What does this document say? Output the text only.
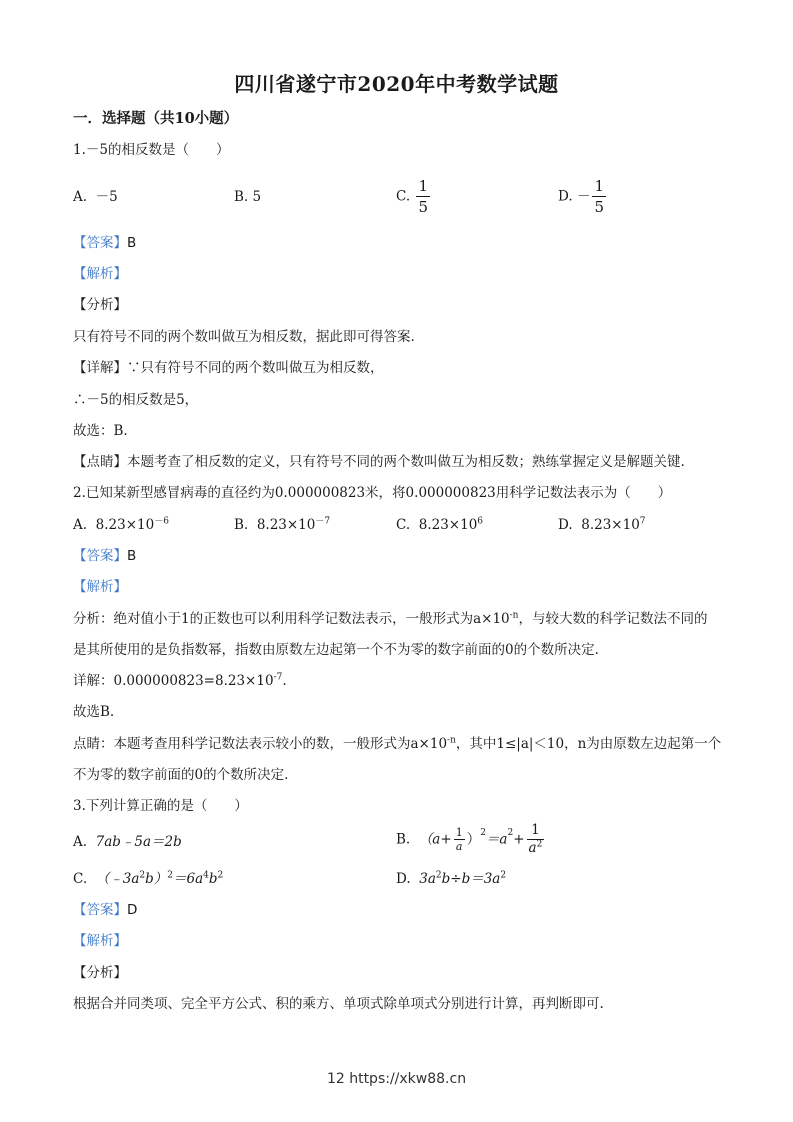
四川省遂宁市2020年中考数学试题
一．选择题（共10小题）
1.－5的相反数是（　　）
A. －5	B. 5	C. $\frac{1}{5}$	D. － $\frac{1}{5}$
【答案】B
【解析】
【分析】
只有符号不同的两个数叫做互为相反数，据此即可得答案.
【详解】∵只有符号不同的两个数叫做互为相反数，
∴－5的相反数是5，
故选：B.
【点睛】本题考查了相反数的定义，只有符号不同的两个数叫做互为相反数；熟练掌握定义是解题关键.
2.已知某新型感冒病毒的直径约为0.000000823米，将0.000000823用科学记数法表示为（　　）
A. $8.23\times 10^{-6}$	B. $8.23\times 10^{-7}$	C. $8.23\times 10^6$	D. $8.23\times 10^7$
【答案】B
【解析】
分析：绝对值小于1的正数也可以利用科学记数法表示，一般形式为$a\times 10^{-n}$，与较大数的科学记数法不同的
是其所使用的是负指数幂，指数由原数左边起第一个不为零的数字前面的0的个数所决定.
详解：$0.000000823=8.23\times 10^{-7}$.
故选B.
点睛：本题考查用科学记数法表示较小的数，一般形式为$a\times 10^{-n}$，其中1≤|a|＜10，n为由原数左边起第一个
不为零的数字前面的0的个数所决定.
3.下列计算正确的是（　　）
A. 7ab﹣5a＝2b	B. $(a+ \frac{1}{a} )^2=a^2+ \frac{1}{a^2}$
C. $(﹣3a^2b)^2=6a^4b^2$	D. $3a^2b\div b=3a^2$
【答案】D
【解析】
【分析】
根据合并同类项、完全平方公式、积的乘方、单项式除单项式分别进行计算，再判断即可.
12 https://xkw88.cn
